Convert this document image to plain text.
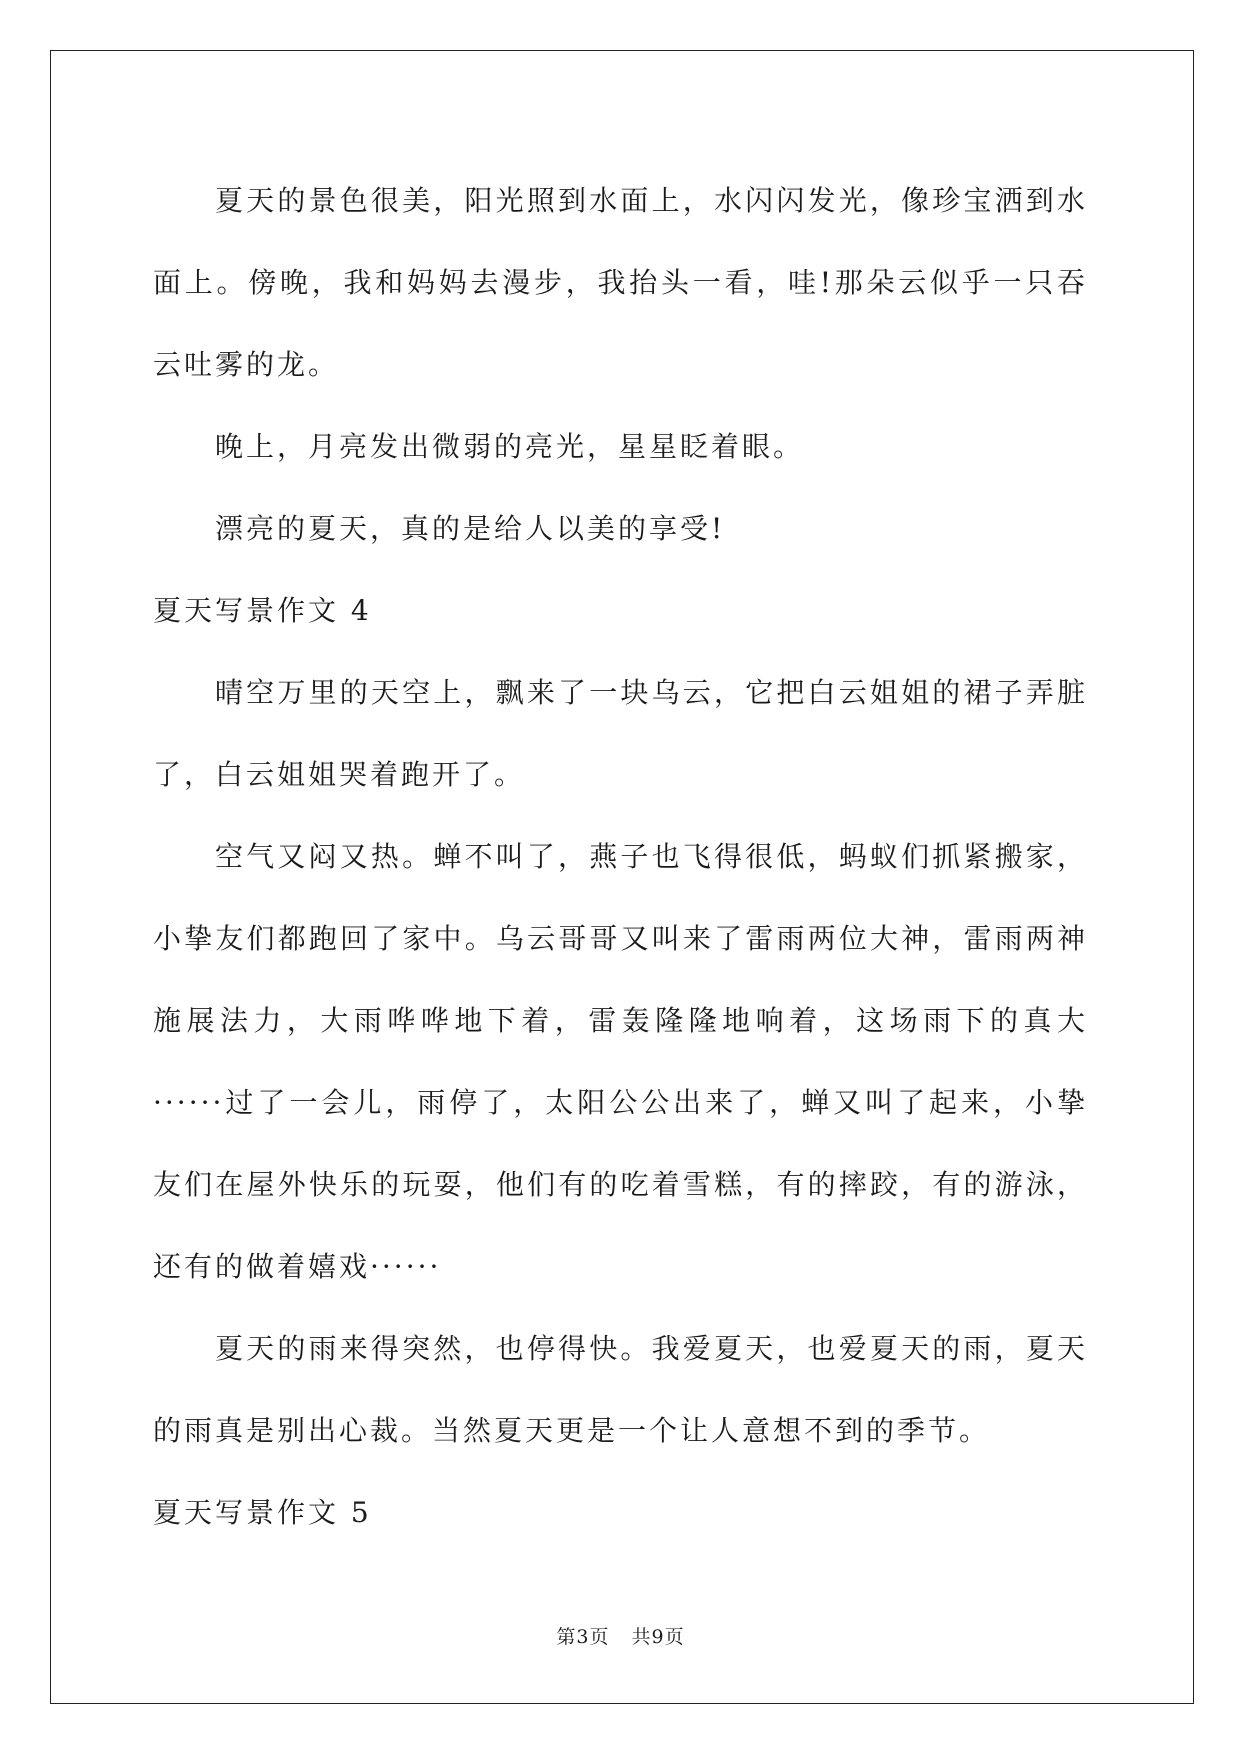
夏天的景色很美，阳光照到水面上，水闪闪发光，像珍宝洒到水面上。傍晚，我和妈妈去漫步，我抬头一看，哇!那朵云似乎一只吞云吐雾的龙。

晚上，月亮发出微弱的亮光，星星眨着眼。

漂亮的夏天，真的是给人以美的享受!

夏天写景作文 4

晴空万里的天空上，飘来了一块乌云，它把白云姐姐的裙子弄脏了，白云姐姐哭着跑开了。

空气又闷又热。蝉不叫了，燕子也飞得很低，蚂蚁们抓紧搬家，小挚友们都跑回了家中。乌云哥哥又叫来了雷雨两位大神，雷雨两神施展法力，大雨哗哗地下着，雷轰隆隆地响着，这场雨下的真大······过了一会儿，雨停了，太阳公公出来了，蝉又叫了起来，小挚友们在屋外快乐的玩耍，他们有的吃着雪糕，有的摔跤，有的游泳，还有的做着嬉戏······

夏天的雨来得突然，也停得快。我爱夏天，也爱夏天的雨，夏天的雨真是别出心裁。当然夏天更是一个让人意想不到的季节。

夏天写景作文 5

第3页 共9页
